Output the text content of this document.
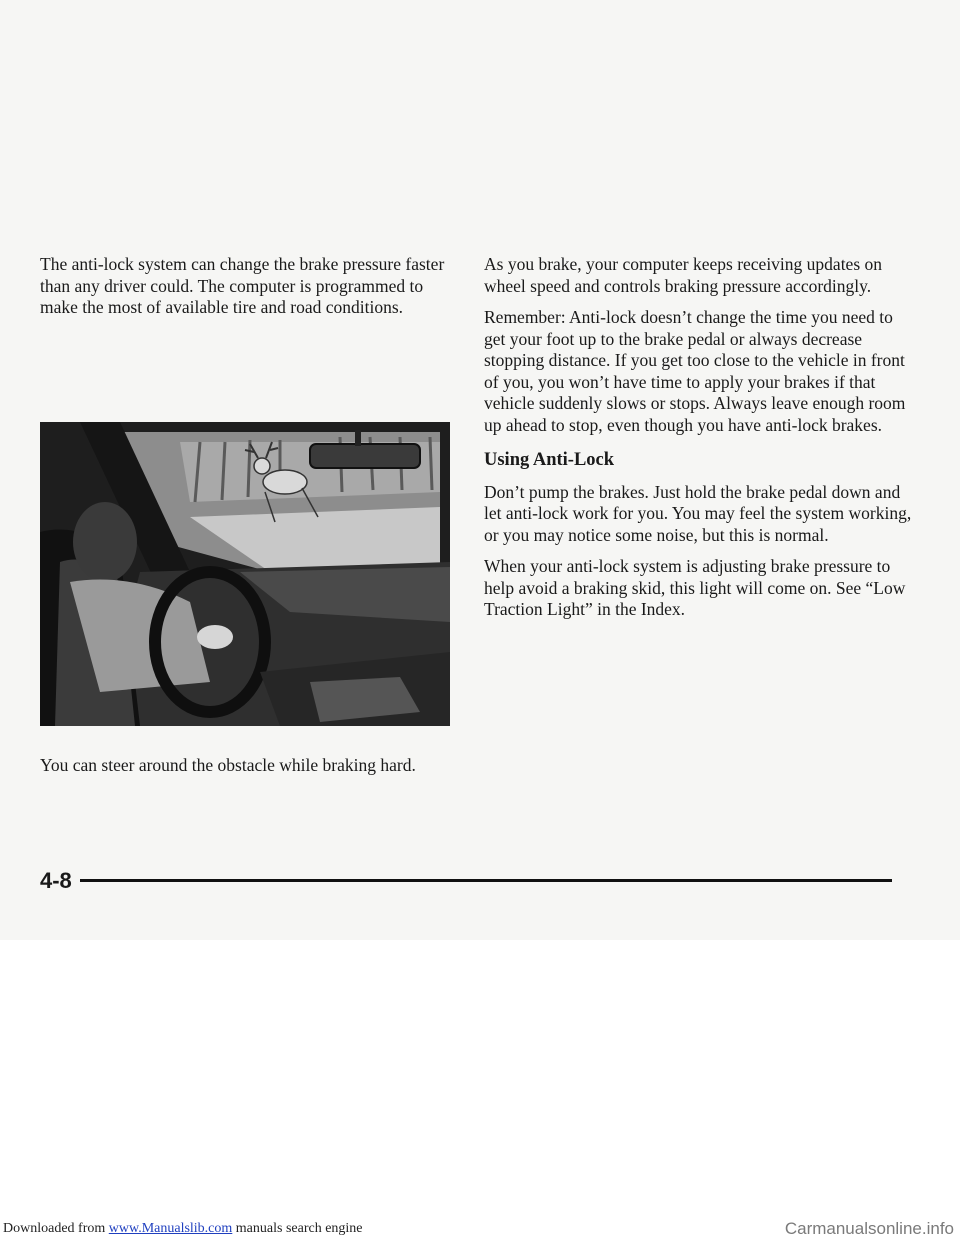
The anti-lock system can change the brake pressure faster than any driver could. The computer is programmed to make the most of available tire and road conditions.

You can steer around the obstacle while braking hard.

As you brake, your computer keeps receiving updates on wheel speed and controls braking pressure accordingly.

Remember: Anti-lock doesn’t change the time you need to get your foot up to the brake pedal or always decrease stopping distance. If you get too close to the vehicle in front of you, you won’t have time to apply your brakes if that vehicle suddenly slows or stops. Always leave enough room up ahead to stop, even though you have anti-lock brakes.

Using Anti-Lock

Don’t pump the brakes. Just hold the brake pedal down and let anti-lock work for you. You may feel the system working, or you may notice some noise, but this is normal.

When your anti-lock system is adjusting brake pressure to help avoid a braking skid, this light will come on. See “Low Traction Light” in the Index.

4-8
Downloaded from www.Manualslib.com manuals search engine	Carmanualsonline.info
